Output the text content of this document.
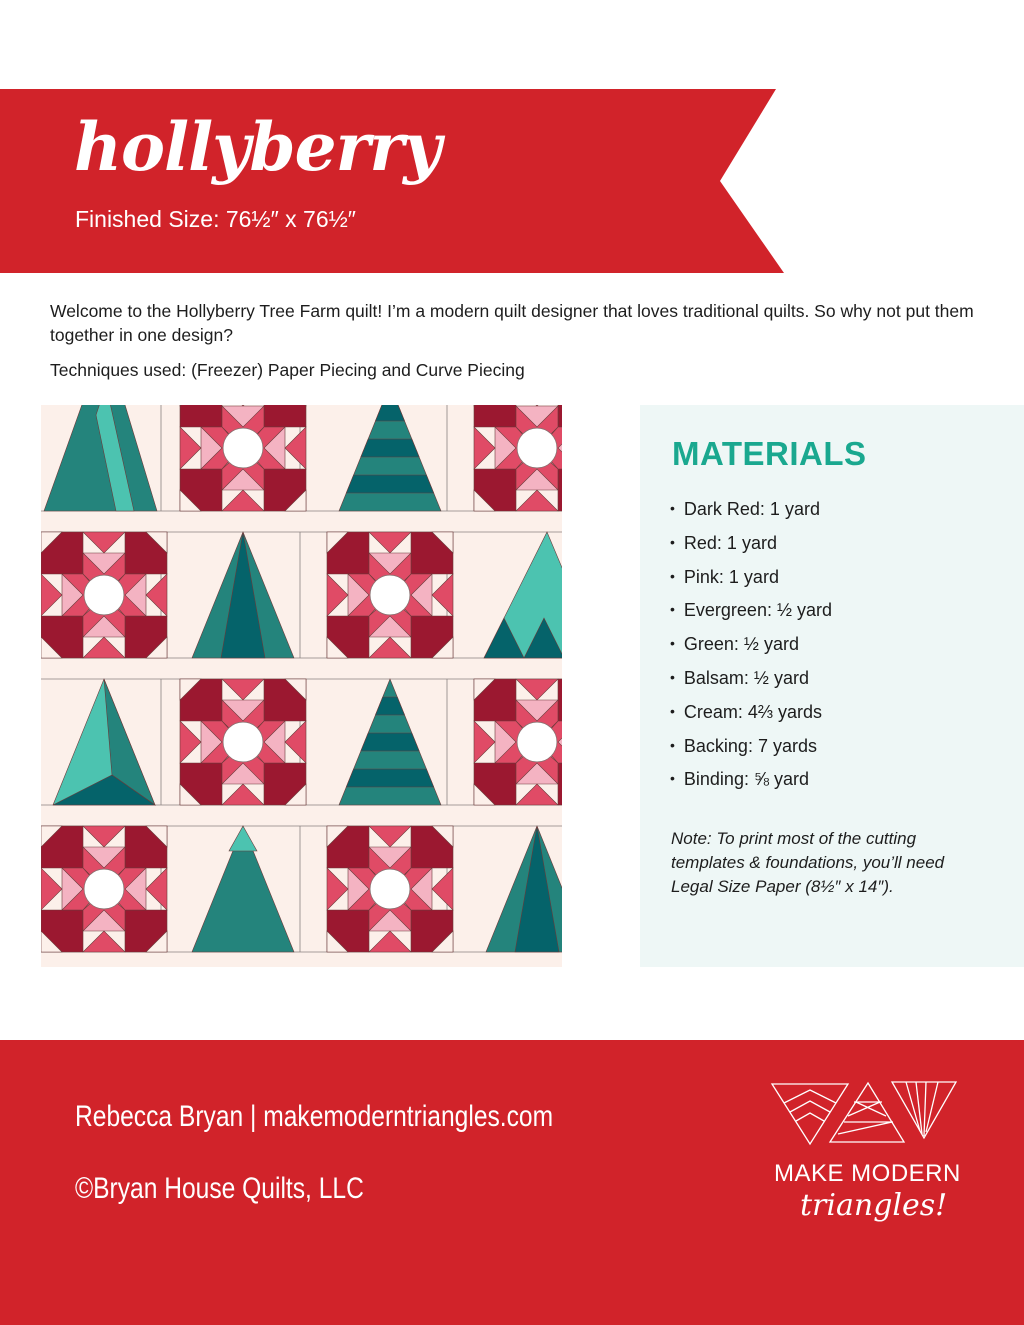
hollyberry
Finished Size: 76½″ x 76½″

Welcome to the Hollyberry Tree Farm quilt! I’m a modern quilt designer that loves traditional quilts. So why not put them together in one design?

Techniques used: (Freezer) Paper Piecing and Curve Piecing

MATERIALS
• Dark Red: 1 yard
• Red: 1 yard
• Pink: 1 yard
• Evergreen: ½ yard
• Green: ½ yard
• Balsam: ½ yard
• Cream: 4⅔ yards
• Backing: 7 yards
• Binding: ⅝ yard

Note: To print most of the cutting templates & foundations, you’ll need Legal Size Paper (8½″ x 14″).

Rebecca Bryan | makemoderntriangles.com
©Bryan House Quilts, LLC	MAKE MODERN
triangles!
